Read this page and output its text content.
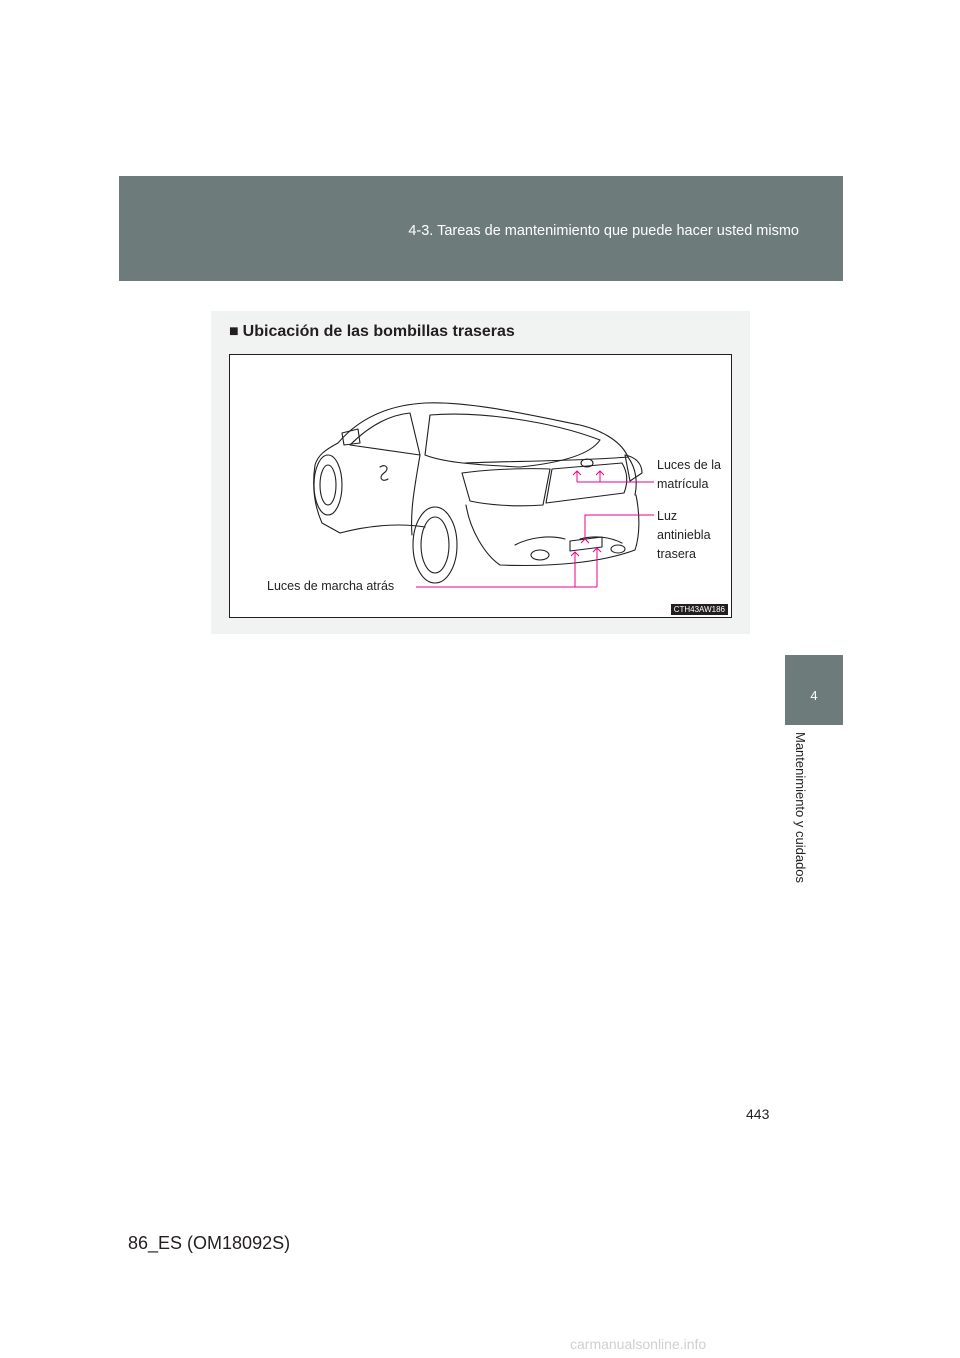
4-3. Tareas de mantenimiento que puede hacer usted mismo
4
Mantenimiento y cuidados
■ Ubicación de las bombillas traseras
Luces de la
matrícula
Luz
antiniebla
trasera
Luces de marcha atrás
CTH43AW186
443
86_ES (OM18092S)
carmanualsonline.info
